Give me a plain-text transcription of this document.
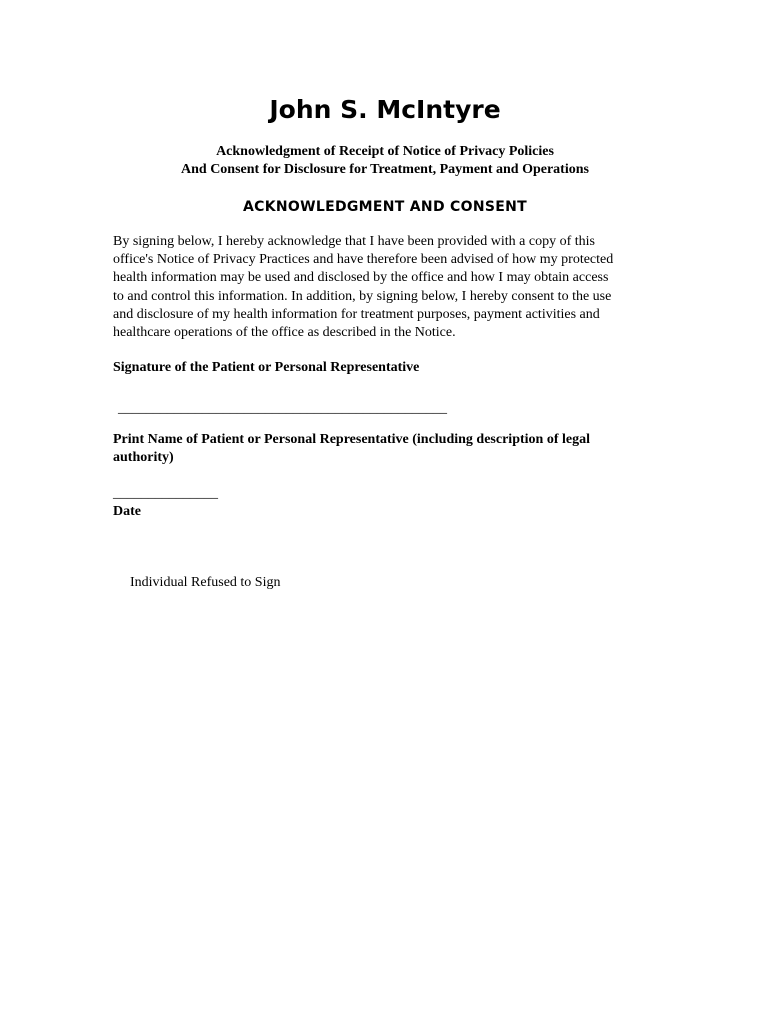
John S. McIntyre
Acknowledgment of Receipt of Notice of Privacy Policies
And Consent for Disclosure for Treatment, Payment and Operations
ACKNOWLEDGMENT AND CONSENT
By signing below, I hereby acknowledge that I have been provided with a copy of this
office's Notice of Privacy Practices and have therefore been advised of how my protected
health information may be used and disclosed by the office and how I may obtain access
to and control this information. In addition, by signing below, I hereby consent to the use
and disclosure of my health information for treatment purposes, payment activities and
healthcare operations of the office as described in the Notice.
Signature of the Patient or Personal Representative
_______________________________________________
Print Name of Patient or Personal Representative (including description of legal
authority)
_______________
Date
Individual Refused to Sign
